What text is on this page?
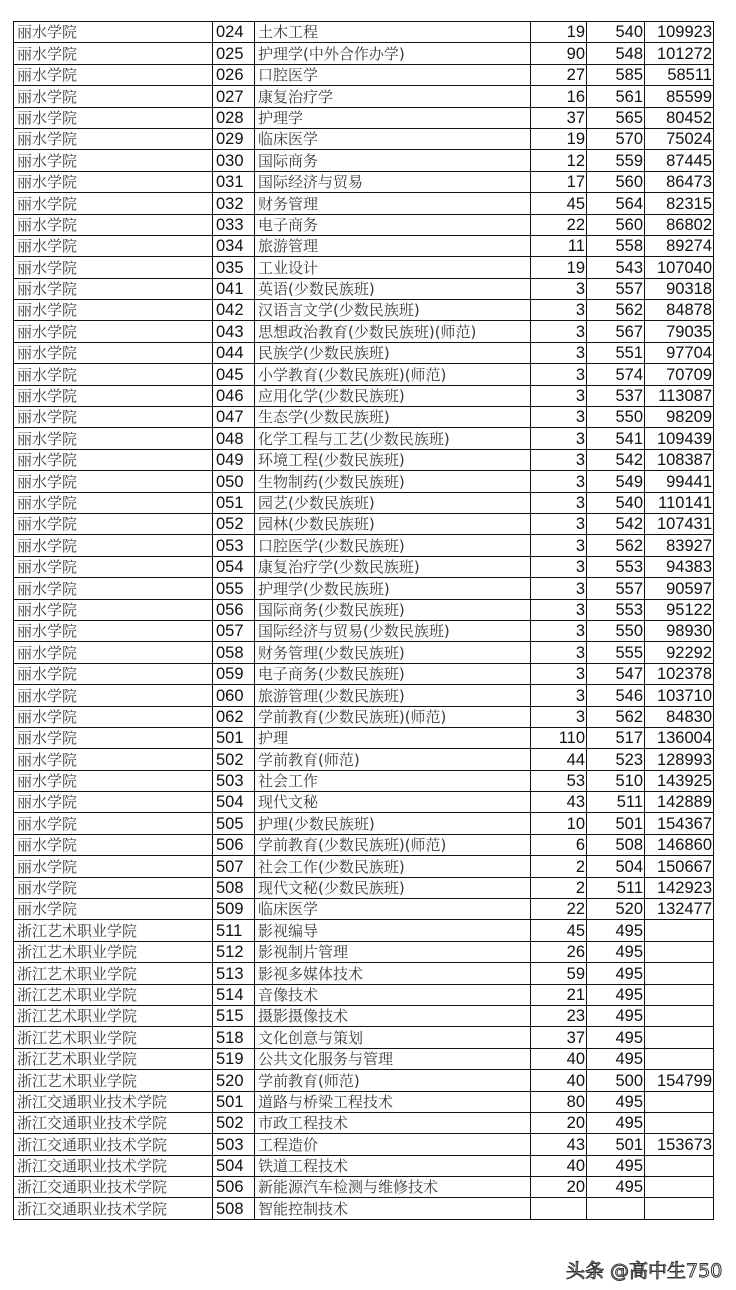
丽水学院	024	土木工程	19	540	109923
丽水学院	025	护理学(中外合作办学)	90	548	101272
丽水学院	026	口腔医学	27	585	58511
丽水学院	027	康复治疗学	16	561	85599
丽水学院	028	护理学	37	565	80452
丽水学院	029	临床医学	19	570	75024
丽水学院	030	国际商务	12	559	87445
丽水学院	031	国际经济与贸易	17	560	86473
丽水学院	032	财务管理	45	564	82315
丽水学院	033	电子商务	22	560	86802
丽水学院	034	旅游管理	11	558	89274
丽水学院	035	工业设计	19	543	107040
丽水学院	041	英语(少数民族班)	3	557	90318
丽水学院	042	汉语言文学(少数民族班)	3	562	84878
丽水学院	043	思想政治教育(少数民族班)(师范)	3	567	79035
丽水学院	044	民族学(少数民族班)	3	551	97704
丽水学院	045	小学教育(少数民族班)(师范)	3	574	70709
丽水学院	046	应用化学(少数民族班)	3	537	113087
丽水学院	047	生态学(少数民族班)	3	550	98209
丽水学院	048	化学工程与工艺(少数民族班)	3	541	109439
丽水学院	049	环境工程(少数民族班)	3	542	108387
丽水学院	050	生物制药(少数民族班)	3	549	99441
丽水学院	051	园艺(少数民族班)	3	540	110141
丽水学院	052	园林(少数民族班)	3	542	107431
丽水学院	053	口腔医学(少数民族班)	3	562	83927
丽水学院	054	康复治疗学(少数民族班)	3	553	94383
丽水学院	055	护理学(少数民族班)	3	557	90597
丽水学院	056	国际商务(少数民族班)	3	553	95122
丽水学院	057	国际经济与贸易(少数民族班)	3	550	98930
丽水学院	058	财务管理(少数民族班)	3	555	92292
丽水学院	059	电子商务(少数民族班)	3	547	102378
丽水学院	060	旅游管理(少数民族班)	3	546	103710
丽水学院	062	学前教育(少数民族班)(师范)	3	562	84830
丽水学院	501	护理	110	517	136004
丽水学院	502	学前教育(师范)	44	523	128993
丽水学院	503	社会工作	53	510	143925
丽水学院	504	现代文秘	43	511	142889
丽水学院	505	护理(少数民族班)	10	501	154367
丽水学院	506	学前教育(少数民族班)(师范)	6	508	146860
丽水学院	507	社会工作(少数民族班)	2	504	150667
丽水学院	508	现代文秘(少数民族班)	2	511	142923
丽水学院	509	临床医学	22	520	132477
浙江艺术职业学院	511	影视编导	45	495	
浙江艺术职业学院	512	影视制片管理	26	495	
浙江艺术职业学院	513	影视多媒体技术	59	495	
浙江艺术职业学院	514	音像技术	21	495	
浙江艺术职业学院	515	摄影摄像技术	23	495	
浙江艺术职业学院	518	文化创意与策划	37	495	
浙江艺术职业学院	519	公共文化服务与管理	40	495	
浙江艺术职业学院	520	学前教育(师范)	40	500	154799
浙江交通职业技术学院	501	道路与桥梁工程技术	80	495	
浙江交通职业技术学院	502	市政工程技术	20	495	
浙江交通职业技术学院	503	工程造价	43	501	153673
浙江交通职业技术学院	504	铁道工程技术	40	495	
浙江交通职业技术学院	506	新能源汽车检测与维修技术	20	495	
浙江交通职业技术学院	508	智能控制技术			
头条 @高中生750
